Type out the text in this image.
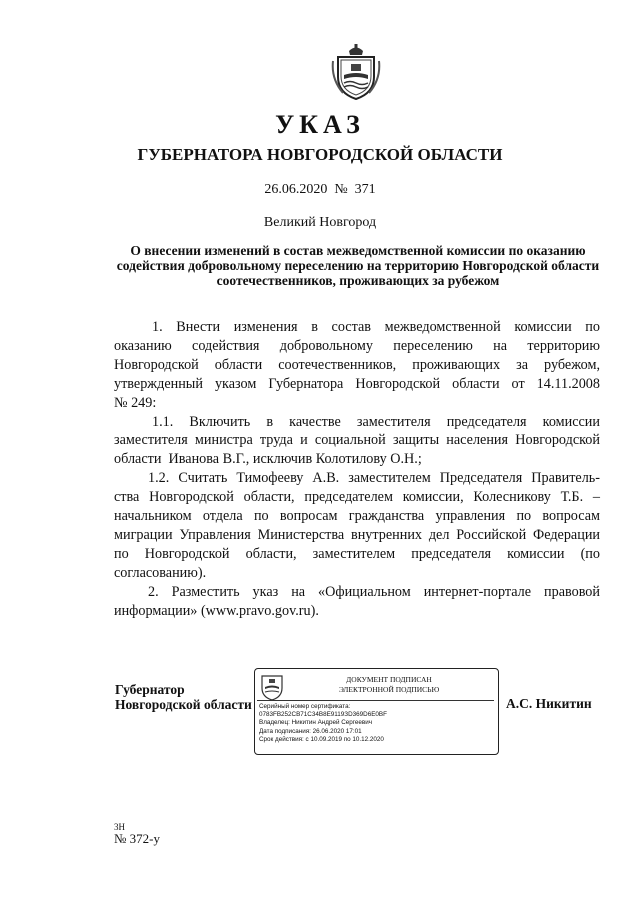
УКАЗ
ГУБЕРНАТОРА НОВГОРОДСКОЙ ОБЛАСТИ
26.06.2020  №  371
Великий Новгород
О внесении изменений в состав межведомственной комиссии по оказанию содействия добровольному переселению на территорию Новгородской области соотечественников, проживающих за рубежом

1. Внести изменения в состав межведомственной комиссии по

оказанию содействия добровольному переселению на территорию

Новгородской области соотечественников, проживающих за рубежом,

утвержденный указом Губернатора Новгородской области от 14.11.2008

№ 249:

1.1. Включить в качестве заместителя председателя комиссии

заместителя министра труда и социальной защиты населения Новгородской

области  Иванова В.Г., исключив Колотилову О.Н.;

1.2. Считать Тимофееву А.В. заместителем Председателя Правитель-

ства Новгородской области, председателем комиссии, Колесникову Т.Б. –

начальником отдела по вопросам гражданства управления по вопросам

миграции Управления Министерства внутренних дел Российской Федерации

по Новгородской области, заместителем председателя комиссии (по

согласованию).

2. Разместить указ на «Официальном интернет-портале правовой

информации» (www.pravo.gov.ru).

Губернатор
Новгородской области
ДОКУМЕНТ ПОДПИСАН
ЭЛЕКТРОННОЙ ПОДПИСЬЮ
Серийный номер сертификата:
0783FB252CB71C34B8E9119ЗD369D6E0BF
Владелец: Никитин Андрей Сергеевич
Дата подписания: 26.06.2020 17:01
Срок действия: с 10.09.2019 по 10.12.2020
А.С. Никитин
3Н
№ 372-у
